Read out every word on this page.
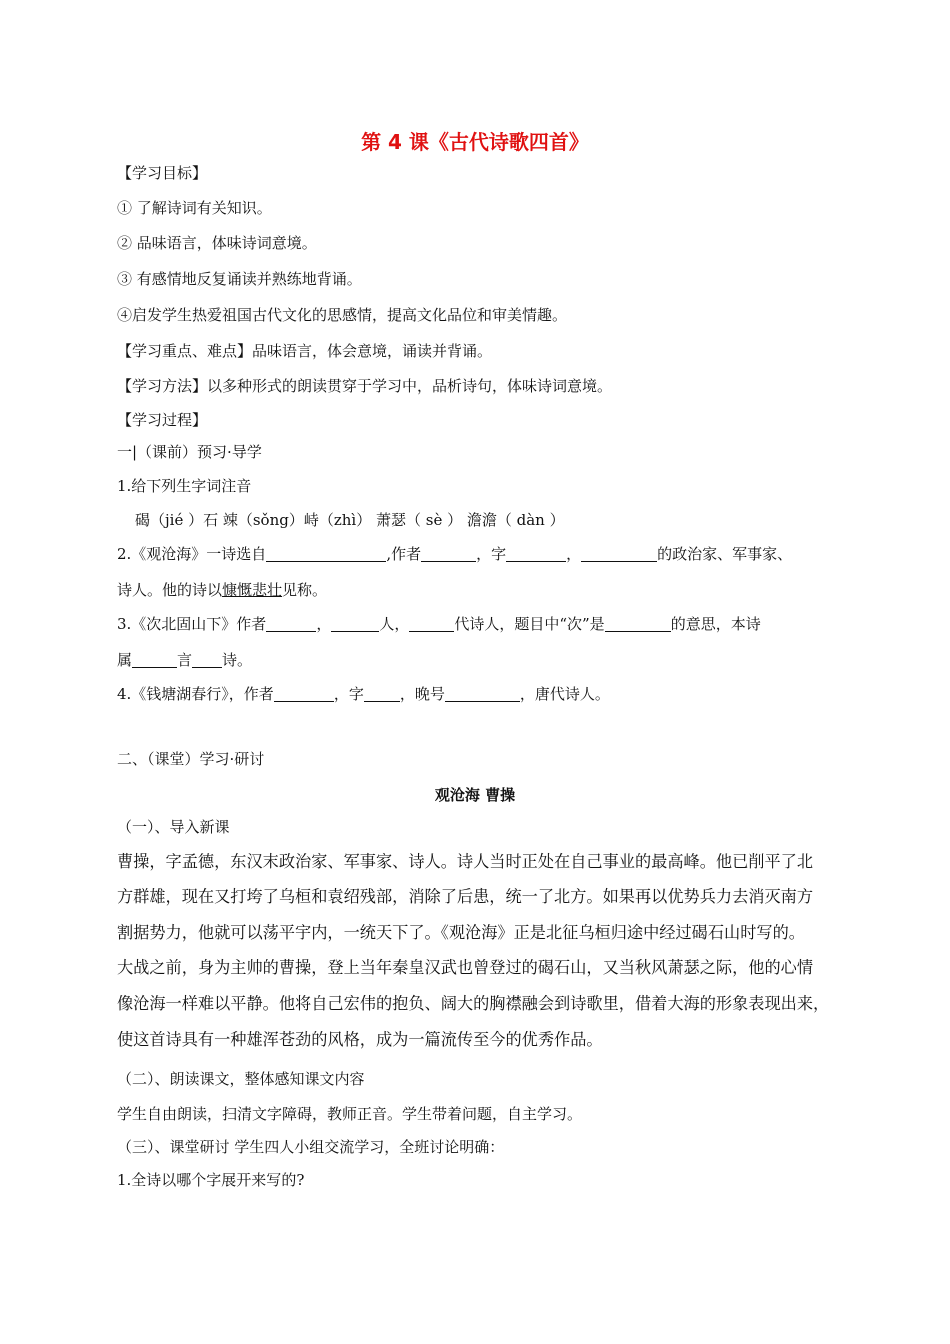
第 4 课《古代诗歌四首》
【学习目标】
① 了解诗词有关知识。
② 品味语言，体味诗词意境。
③ 有感情地反复诵读并熟练地背诵。
④启发学生热爱祖国古代文化的思感情，提高文化品位和审美情趣。
【学习重点、难点】品味语言，体会意境，诵读并背诵。
【学习方法】以多种形式的朗读贯穿于学习中，品析诗句，体味诗词意境。
【学习过程】
一|（课前）预习·导学
1.给下列生字词注音
碣（jié ）石 竦（sǒng）峙（zhì） 萧瑟（ sè ） 澹澹（ dàn ）
2.《观沧海》一诗选自	,作者	，字	，	的政治家、军事家、
诗人。他的诗以慷慨悲壮见称。
3.《次北固山下》作者	，	人，	代诗人，题目中“次”是	的意思，本诗
属	言 诗。
4.《钱塘湖春行》，作者	，字 ，晚号	，唐代诗人。
二、（课堂）学习·研讨
观沧海 曹操
（一）、导入新课
曹操，字孟德，东汉末政治家、军事家、诗人。诗人当时正处在自己事业的最高峰。他已削平了北
方群雄，现在又打垮了乌桓和袁绍残部，消除了后患，统一了北方。如果再以优势兵力去消灭南方
割据势力，他就可以荡平宇内，一统天下了。《观沧海》正是北征乌桓归途中经过碣石山时写的。
大战之前，身为主帅的曹操，登上当年秦皇汉武也曾登过的碣石山，又当秋风萧瑟之际，他的心情
像沧海一样难以平静。他将自己宏伟的抱负、阔大的胸襟融会到诗歌里，借着大海的形象表现出来，
使这首诗具有一种雄浑苍劲的风格，成为一篇流传至今的优秀作品。
（二）、朗读课文，整体感知课文内容
学生自由朗读，扫清文字障碍，教师正音。学生带着问题，自主学习。
（三）、课堂研讨 学生四人小组交流学习，全班讨论明确：
1.全诗以哪个字展开来写的?
